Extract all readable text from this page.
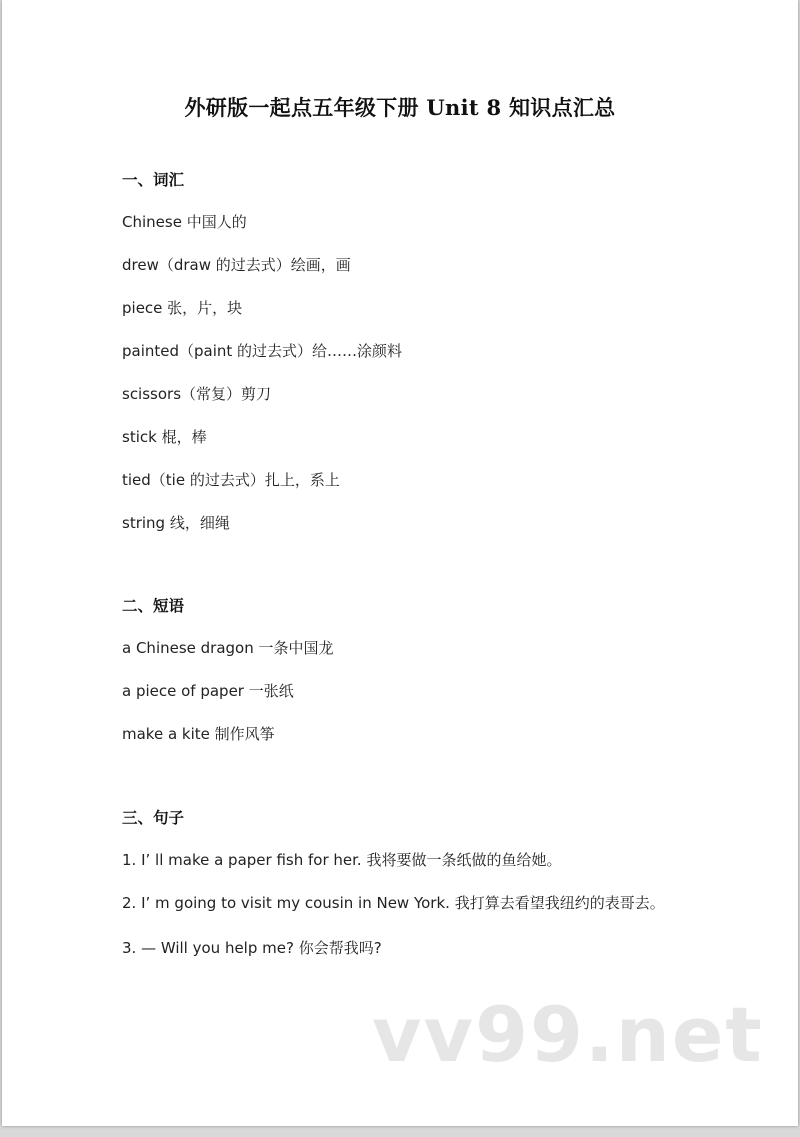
外研版一起点五年级下册 Unit 8 知识点汇总
一、词汇
Chinese 中国人的
drew（draw 的过去式）绘画，画
piece 张，片，块
painted（paint 的过去式）给……涂颜料
scissors（常复）剪刀
stick 棍，棒
tied（tie 的过去式）扎上，系上
string 线，细绳
二、短语
a Chinese dragon 一条中国龙
a piece of paper 一张纸
make a kite 制作风筝
三、句子
1. I’ ll make a paper fish for her. 我将要做一条纸做的鱼给她。
2. I’ m going to visit my cousin in New York. 我打算去看望我纽约的表哥去。
3. — Will you help me? 你会帮我吗?
vv99.net
